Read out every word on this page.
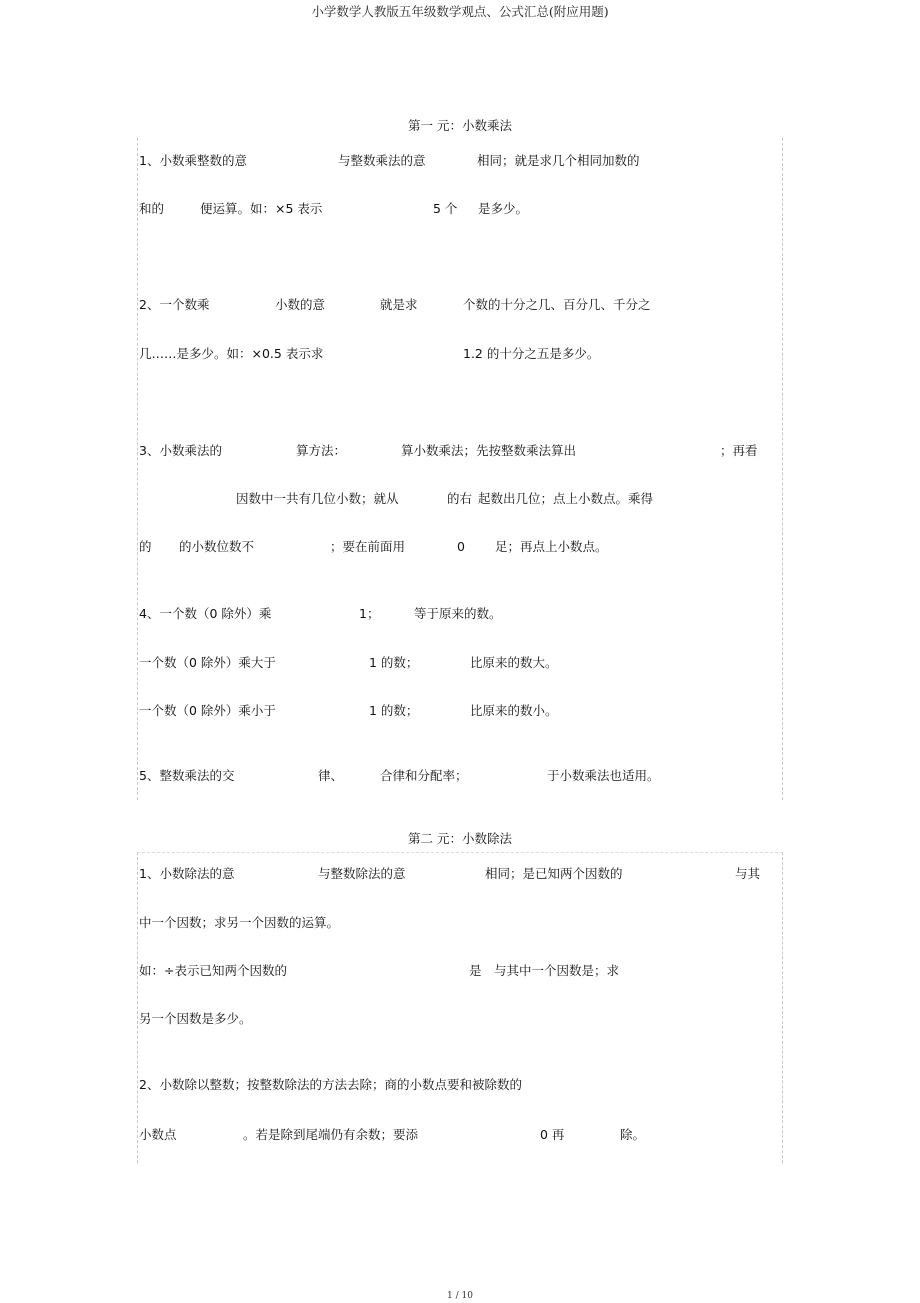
小学数学人教版五年级数学观点、公式汇总(附应用题)
第一 元：小数乘法
第二 元：小数除法
1、小数乘整数的意	与整数乘法的意	相同；就是求几个相同加数的
和的	便运算。如：×5 表示	5 个 是多少。
2、一个数乘	小数的意	就是求	个数的十分之几、百分几、千分之
几……是多少。如：×0.5 表示求	1.2 的十分之五是多少。
3、小数乘法的	算方法：	算小数乘法；先按整数乘法算出	；再看
因数中一共有几位小数；就从	的右 起数出几位；点上小数点。乘得
的 的小数位数不	；要在前面用	0 足；再点上小数点。
4、一个数（0 除外）乘	1；	等于原来的数。
一个数（0 除外）乘大于	1 的数；	比原来的数大。
一个数（0 除外）乘小于	1 的数；	比原来的数小。
5、整数乘法的交	律、	合律和分配率；	于小数乘法也适用。
1、小数除法的意	与整数除法的意	相同；是已知两个因数的	与其
中一个因数；求另一个因数的运算。
如：÷表示已知两个因数的	是 与其中一个因数是；求
另一个因数是多少。
2、小数除以整数；按整数除法的方法去除；商的小数点要和被除数的
小数点	。若是除到尾端仍有余数；要添	0 再	除。
1 / 10
